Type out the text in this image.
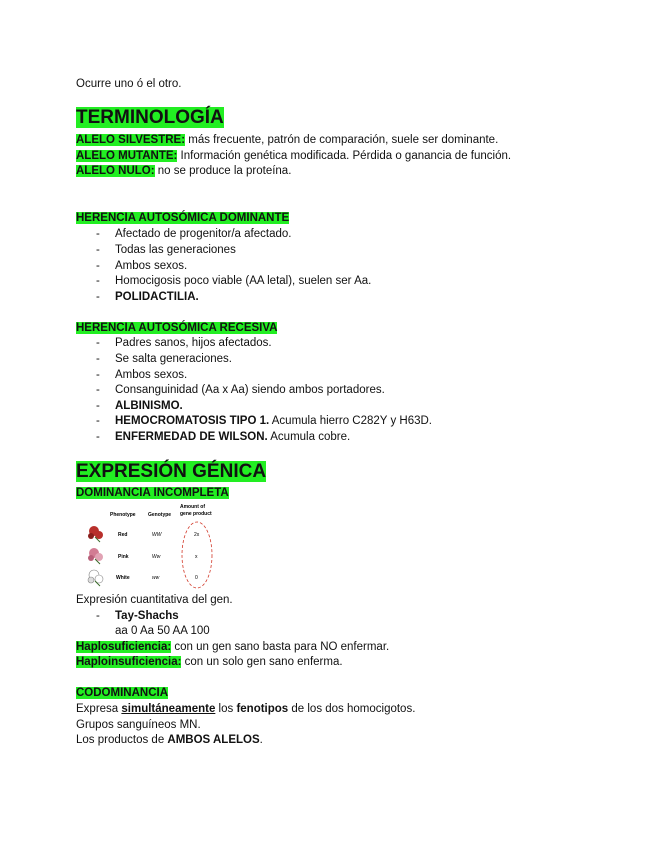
Ocurre uno ó el otro.
TERMINOLOGÍA
ALELO SILVESTRE: más frecuente, patrón de comparación, suele ser dominante.
ALELO MUTANTE: Información genética modificada. Pérdida o ganancia de función.
ALELO NULO: no se produce la proteína.
HERENCIA AUTOSÓMICA DOMINANTE
- Afectado de progenitor/a afectado.
- Todas las generaciones
- Ambos sexos.
- Homocigosis poco viable (AA letal), suelen ser Aa.
- POLIDACTILIA.
HERENCIA AUTOSÓMICA RECESIVA
- Padres sanos, hijos afectados.
- Se salta generaciones.
- Ambos sexos.
- Consanguinidad (Aa x Aa) siendo ambos portadores.
- ALBINISMO.
- HEMOCROMATOSIS TIPO 1. Acumula hierro C282Y y H63D.
- ENFERMEDAD DE WILSON. Acumula cobre.
EXPRESIÓN GÉNICA
DOMINANCIA INCOMPLETA
Phenotype Genotype
Amount of
gene product
Red	WW	2x
Pink	Ww	x
White	ww	0
Expresión cuantitativa del gen.
- Tay-Shachs
aa 0 Aa 50 AA 100
Haplosuficiencia: con un gen sano basta para NO enfermar.
Haploinsuficiencia: con un solo gen sano enferma.
CODOMINANCIA
Expresa simultáneamente los fenotipos de los dos homocigotos.
Grupos sanguíneos MN.
Los productos de AMBOS ALELOS.
